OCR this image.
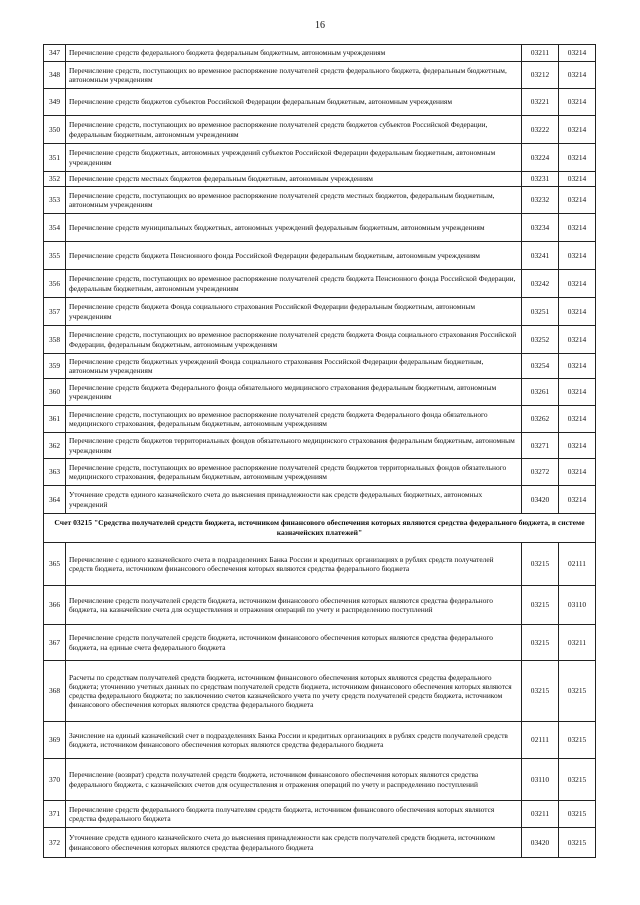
16
347	Перечисление средств федерального бюджета федеральным бюджетным, автономным учреждениям	03211	03214
348	Перечисление средств, поступающих во временное распоряжение получателей средств федерального бюджета, федеральным бюджетным, автономным учреждениям	03212	03214
349	Перечисление средств бюджетов субъектов Российской Федерации федеральным бюджетным, автономным учреждениям	03221	03214
350	Перечисление средств, поступающих во временное распоряжение получателей средств бюджетов субъектов Российской Федерации, федеральным бюджетным, автономным учреждениям	03222	03214
351	Перечисление средств бюджетных, автономных учреждений субъектов Российской Федерации федеральным бюджетным, автономным учреждениям	03224	03214
352	Перечисление средств местных бюджетов федеральным бюджетным, автономным учреждениям	03231	03214
353	Перечисление средств, поступающих во временное распоряжение получателей средств местных бюджетов, федеральным бюджетным, автономным учреждениям	03232	03214
354	Перечисление средств муниципальных бюджетных, автономных учреждений федеральным бюджетным, автономным учреждениям	03234	03214
355	Перечисление средств бюджета Пенсионного фонда Российской Федерации федеральным бюджетным, автономным учреждениям	03241	03214
356	Перечисление средств, поступающих во временное распоряжение получателей средств бюджета Пенсионного фонда Российской Федерации, федеральным бюджетным, автономным учреждениям	03242	03214
357	Перечисление средств бюджета Фонда социального страхования Российской Федерации федеральным бюджетным, автономным учреждениям	03251	03214
358	Перечисление средств, поступающих во временное распоряжение получателей средств бюджета Фонда социального страхования Российской Федерации, федеральным бюджетным, автономным учреждениям	03252	03214
359	Перечисление средств бюджетных учреждений Фонда социального страхования Российской Федерации федеральным бюджетным, автономным учреждениям	03254	03214
360	Перечисление средств бюджета Федерального фонда обязательного медицинского страхования федеральным бюджетным, автономным учреждениям	03261	03214
361	Перечисление средств, поступающих во временное распоряжение получателей средств бюджета Федерального фонда обязательного медицинского страхования, федеральным бюджетным, автономным учреждениям	03262	03214
362	Перечисление средств бюджетов территориальных фондов обязательного медицинского страхования федеральным бюджетным, автономным учреждениям	03271	03214
363	Перечисление средств, поступающих во временное распоряжение получателей средств бюджетов территориальных фондов обязательного медицинского страхования, федеральным бюджетным, автономным учреждениям	03272	03214
364	Уточнение средств единого казначейского счета до выяснения принадлежности как средств федеральных бюджетных, автономных учреждений	03420	03214
Счет 03215 "Средства получателей средств бюджета, источником финансового обеспечения которых являются средства федерального бюджета, в системе казначейских платежей"			
365	Перечисление с единого казначейского счета в подразделениях Банка России и кредитных организациях в рублях средств получателей средств бюджета, источником финансового обеспечения которых являются средства федерального бюджета	03215	02111
366	Перечисление средств получателей средств бюджета, источником финансового обеспечения которых являются средства федерального бюджета, на казначейские счета для осуществления и отражения операций по учету и распределению поступлений	03215	03110
367	Перечисление средств получателей средств бюджета, источником финансового обеспечения которых являются средства федерального бюджета, на единые счета федерального бюджета	03215	03211
368	Расчеты по средствам получателей средств бюджета, источником финансового обеспечения которых являются средства федерального бюджета; уточнению учетных данных по средствам получателей средств бюджета, источником финансового обеспечения которых являются средства федерального бюджета; по заключению счетов казначейского учета по учету средств получателей средств бюджета, источником финансового обеспечения которых являются средства федерального бюджета	03215	03215
369	Зачисление на единый казначейский счет в подразделениях Банка России и кредитных организациях в рублях средств получателей средств бюджета, источником финансового обеспечения которых являются средства федерального бюджета	02111	03215
370	Перечисление (возврат) средств получателей средств бюджета, источником финансового обеспечения которых являются средства федерального бюджета, с казначейских счетов для осуществления и отражения операций по учету и распределению поступлений	03110	03215
371	Перечисление средств федерального бюджета получателям средств бюджета, источником финансового обеспечения которых являются средства федерального бюджета	03211	03215
372	Уточнение средств единого казначейского счета до выяснения принадлежности как средств получателей средств бюджета, источником финансового обеспечения которых являются средства федерального бюджета	03420	03215
